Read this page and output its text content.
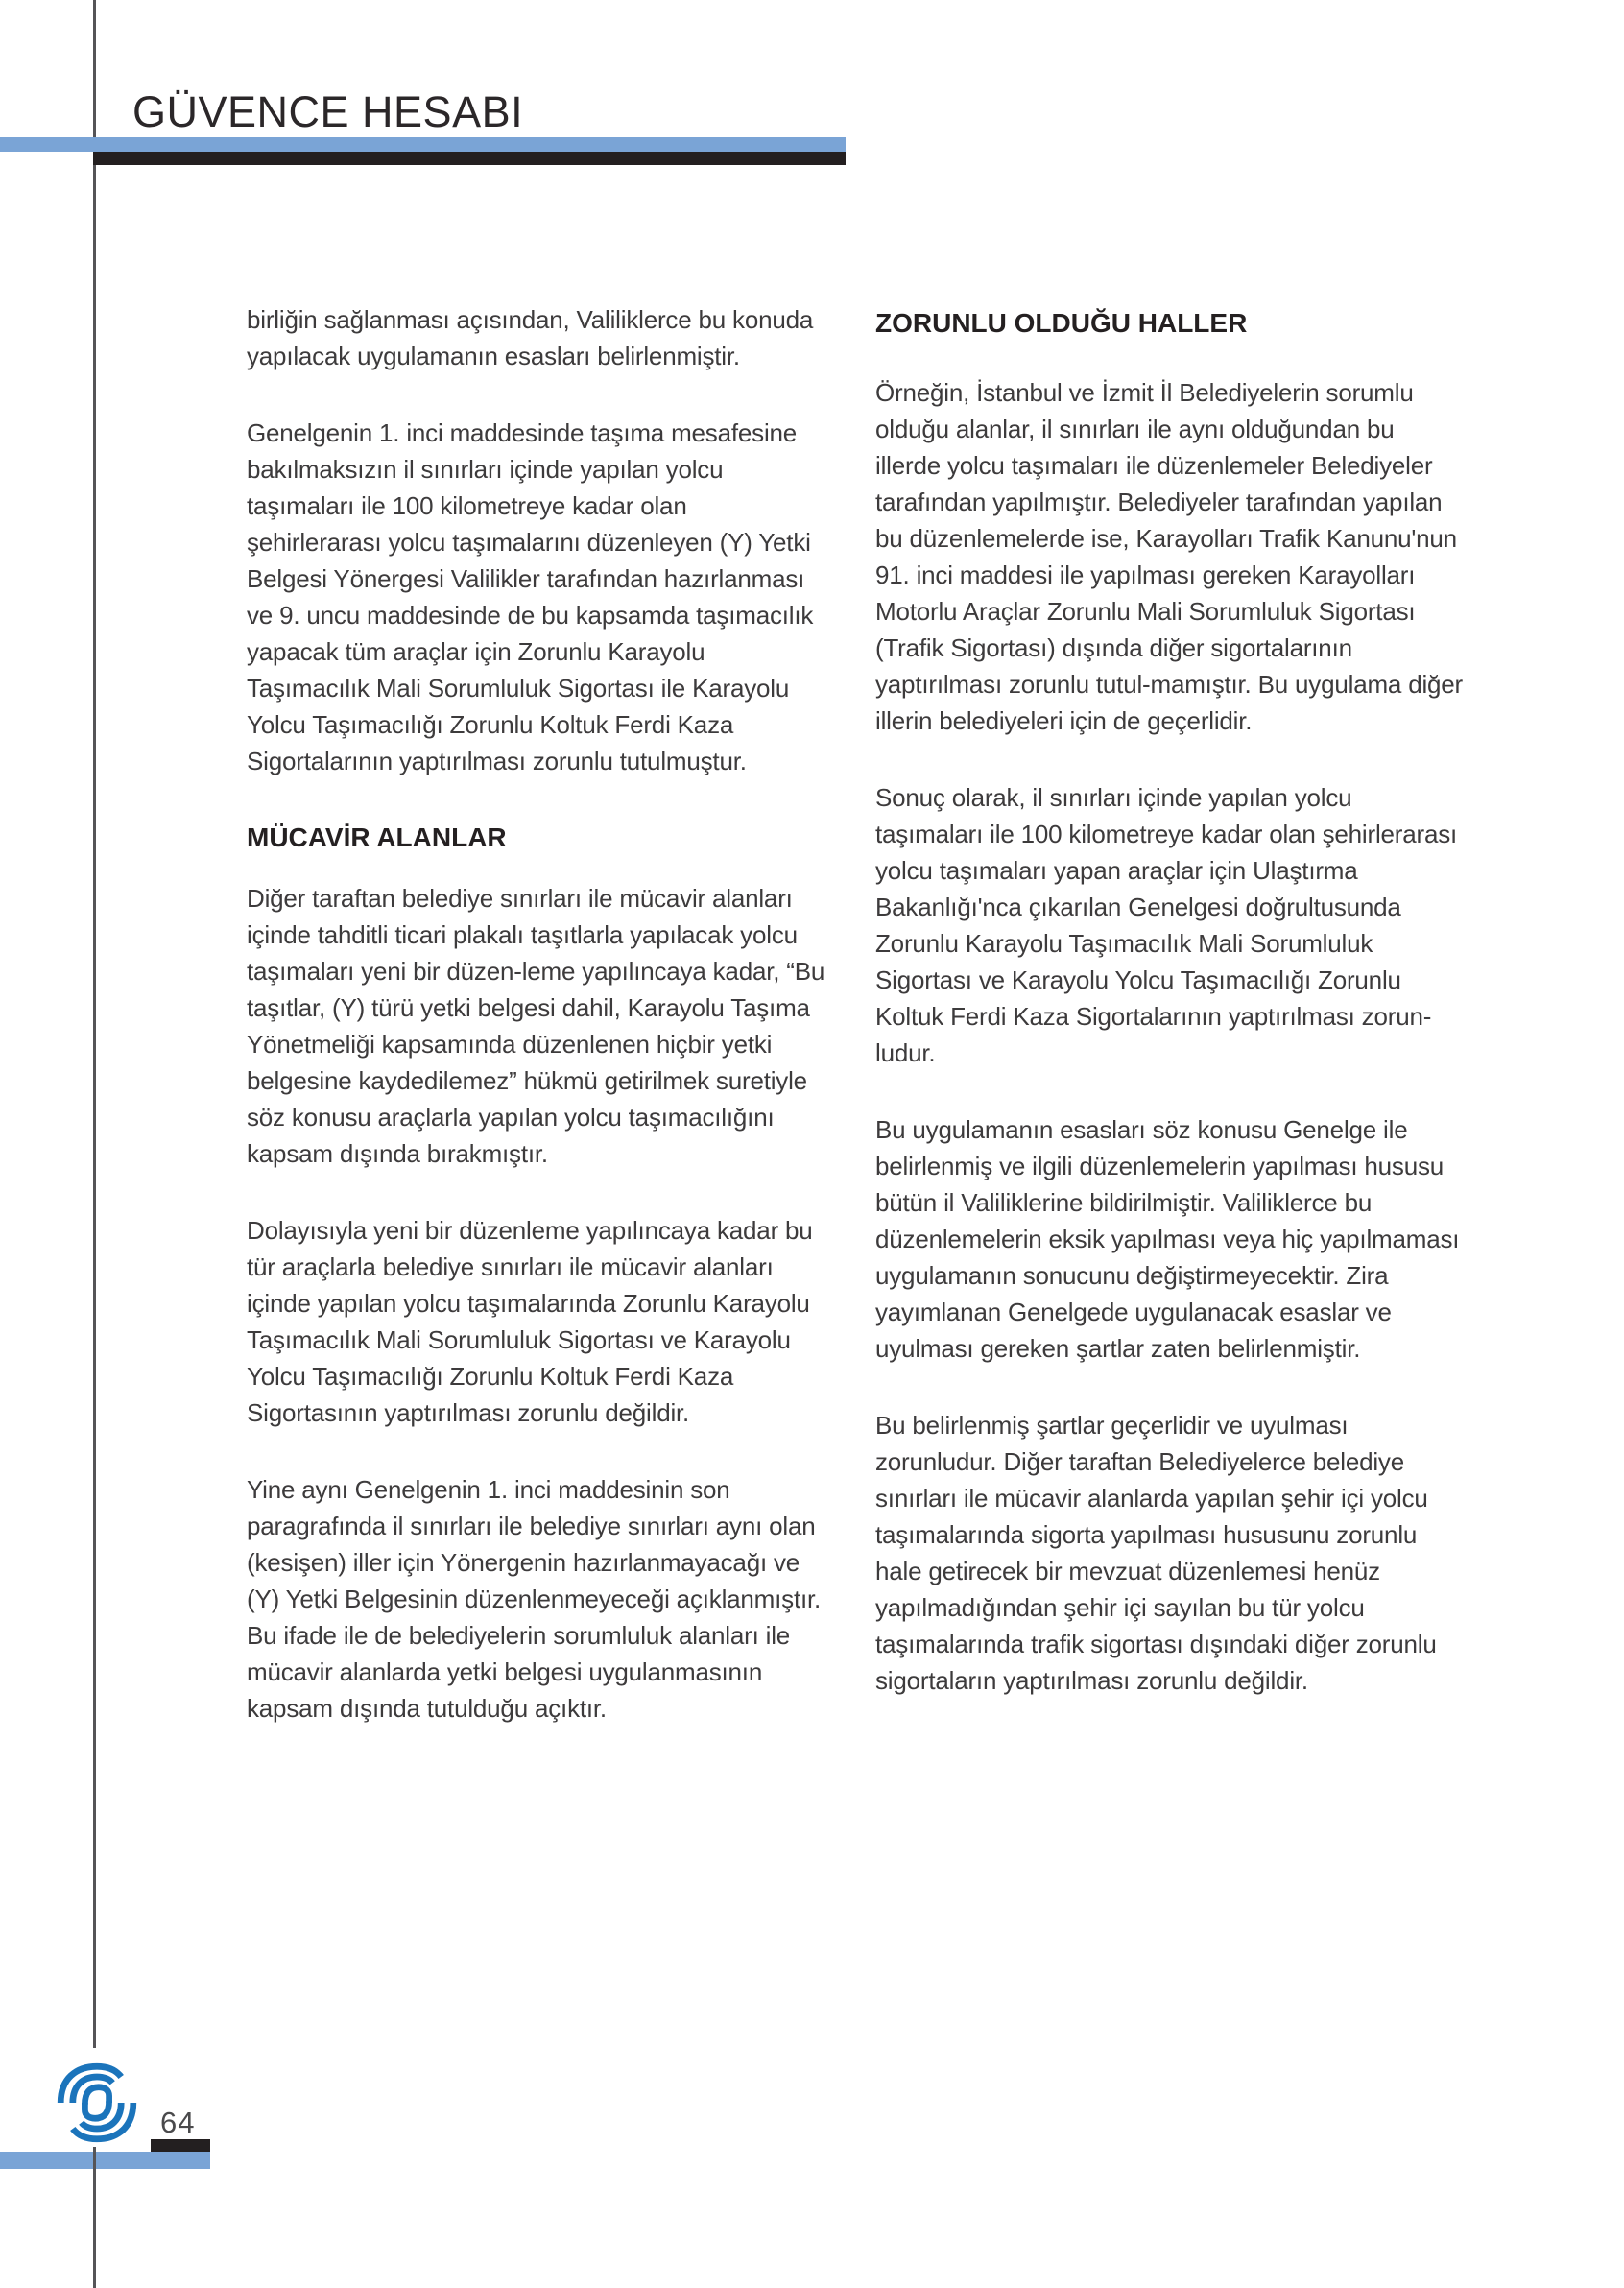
GÜVENCE HESABI

birliğin sağlanması açısından, Valiliklerce bu konuda yapılacak uygulamanın esasları belirlenmiştir.

Genelgenin 1. inci maddesinde taşıma mesafesine bakılmaksızın il sınırları içinde yapılan yolcu taşımaları ile 100 kilometreye kadar olan şehirlerarası yolcu taşımalarını düzenleyen (Y) Yetki Belgesi Yönergesi Valilikler tarafından hazırlanması ve 9. uncu maddesinde de bu kapsamda taşımacılık yapacak tüm araçlar için Zorunlu Karayolu Taşımacılık Mali Sorumluluk Sigortası ile Karayolu Yolcu Taşımacılığı Zorunlu Koltuk Ferdi Kaza Sigortalarının yaptırılması zorunlu tutulmuştur.

MÜCAVİR ALANLAR

Diğer taraftan belediye sınırları ile mücavir alanları içinde tahditli ticari plakalı taşıtlarla yapılacak yolcu taşımaları yeni bir düzen-leme yapılıncaya kadar, “Bu taşıtlar, (Y) türü yetki belgesi dahil, Karayolu Taşıma Yönetmeliği kapsamında düzenlenen hiçbir yetki belgesine kaydedilemez” hükmü getirilmek suretiyle söz konusu araçlarla yapılan yolcu taşımacılığını kapsam dışında bırakmıştır.

Dolayısıyla yeni bir düzenleme yapılıncaya kadar bu tür araçlarla belediye sınırları ile mücavir alanları içinde yapılan yolcu taşımalarında Zorunlu Karayolu Taşımacılık Mali Sorumluluk Sigortası ve Karayolu Yolcu Taşımacılığı Zorunlu Koltuk Ferdi Kaza Sigortasının yaptırılması zorunlu değildir.

Yine aynı Genelgenin 1. inci maddesinin son paragrafında il sınırları ile belediye sınırları aynı olan (kesişen) iller için Yönergenin hazırlanmayacağı ve (Y) Yetki Belgesinin düzenlenmeyeceği açıklanmıştır. Bu ifade ile de belediyelerin sorumluluk alanları ile mücavir alanlarda yetki belgesi uygulanmasının kapsam dışında tutulduğu açıktır.

ZORUNLU OLDUĞU HALLER

Örneğin, İstanbul ve İzmit İl Belediyelerin sorumlu olduğu alanlar, il sınırları ile aynı olduğundan bu illerde yolcu taşımaları ile düzenlemeler Belediyeler tarafından yapılmıştır. Belediyeler tarafından yapılan bu düzenlemelerde ise, Karayolları Trafik Kanunu'nun 91. inci maddesi ile yapılması gereken Karayolları Motorlu Araçlar Zorunlu Mali Sorumluluk Sigortası (Trafik Sigortası) dışında diğer sigortalarının yaptırılması zorunlu tutul-mamıştır. Bu uygulama diğer illerin belediyeleri için de geçerlidir.

Sonuç olarak, il sınırları içinde yapılan yolcu taşımaları ile 100 kilometreye kadar olan şehirlerarası yolcu taşımaları yapan araçlar için Ulaştırma Bakanlığı'nca çıkarılan Genelgesi doğrultusunda Zorunlu Karayolu Taşımacılık Mali Sorumluluk Sigortası ve Karayolu Yolcu Taşımacılığı Zorunlu Koltuk Ferdi Kaza Sigortalarının yaptırılması zorun-ludur.

Bu uygulamanın esasları söz konusu Genelge ile belirlenmiş ve ilgili düzenlemelerin yapılması hususu bütün il Valiliklerine bildirilmiştir. Valiliklerce bu düzenlemelerin eksik yapılması veya hiç yapılmaması uygulamanın sonucunu değiştirmeyecektir. Zira yayımlanan Genelgede uygulanacak esaslar ve uyulması gereken şartlar zaten belirlenmiştir.

Bu belirlenmiş şartlar geçerlidir ve uyulması zorunludur. Diğer taraftan Belediyelerce belediye sınırları ile mücavir alanlarda yapılan şehir içi yolcu taşımalarında sigorta yapılması hususunu zorunlu hale getirecek bir mevzuat düzenlemesi henüz yapılmadığından şehir içi sayılan bu tür yolcu taşımalarında trafik sigortası dışındaki diğer zorunlu sigortaların yaptırılması zorunlu değildir.

64
